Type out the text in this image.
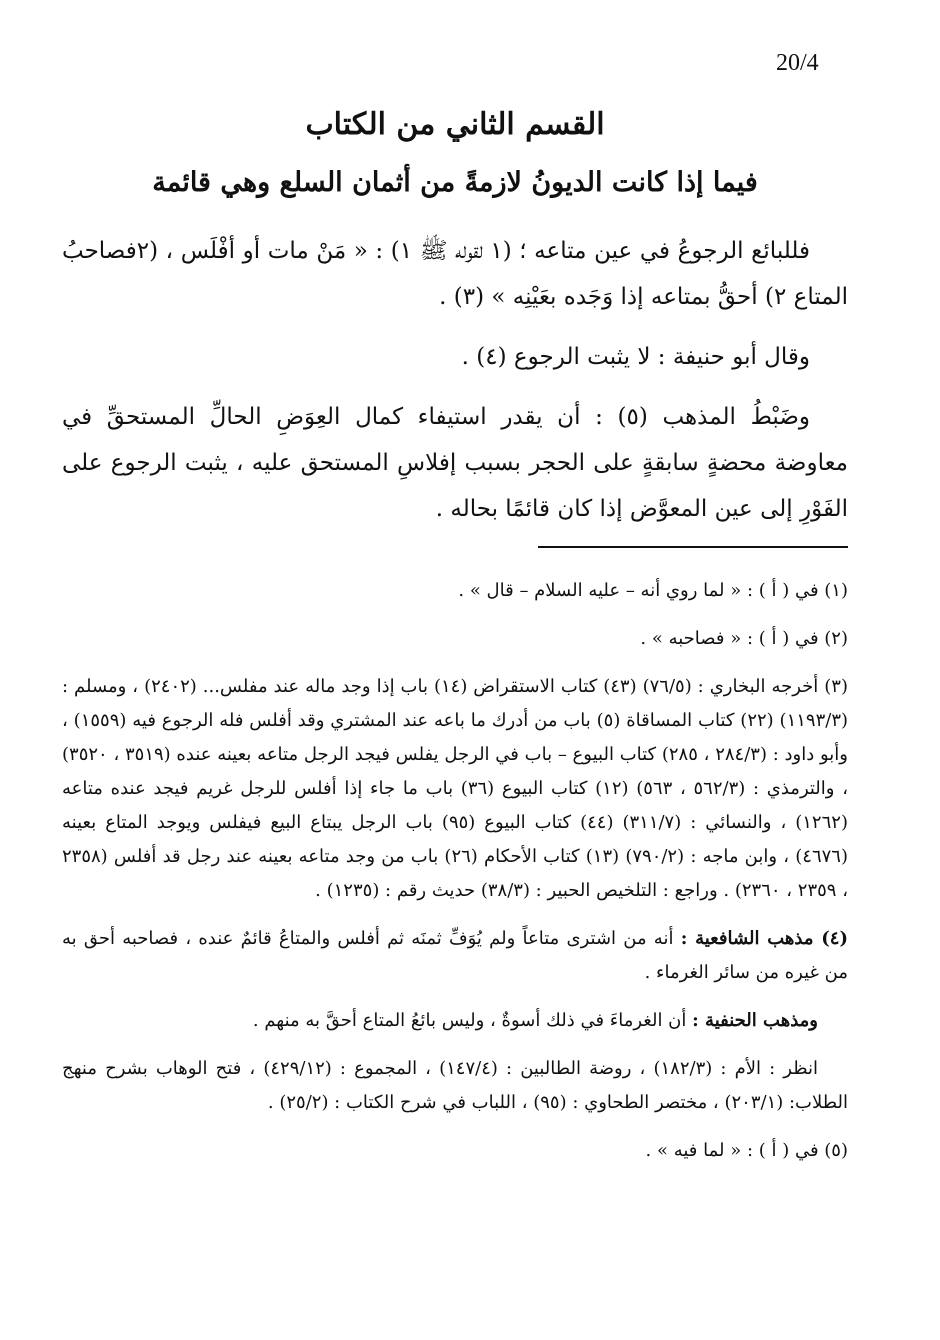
20/4
القسم الثاني من الكتاب
فيما إذا كانت الديونُ لازمةً من أثمان السلع وهي قائمة

فللبائع الرجوعُ في عين متاعه ؛ (١ لقوله ﷺ ١) : « مَنْ مات أو أفْلَس ، (٢فصاحبُ المتاع ٢) أحقُّ بمتاعه إذا وَجَده بعَيْنِه » (٣) .

وقال أبو حنيفة : لا يثبت الرجوع (٤) .

وضَبْطُ المذهب (٥) : أن يقدر استيفاء كمال العِوَضِ الحالِّ المستحقِّ في معاوضة محضةٍ سابقةٍ على الحجر بسبب إفلاسِ المستحق عليه ، يثبت الرجوع على الفَوْرِ إلى عين المعوَّض إذا كان قائمًا بحاله .

(١) في ( أ ) : « لما روي أنه – عليه السلام – قال » .

(٢) في ( أ ) : « فصاحبه » .

(٣) أخرجه البخاري : (٧٦/٥) (٤٣) كتاب الاستقراض (١٤) باب إذا وجد ماله عند مفلس... (٢٤٠٢) ، ومسلم : (١١٩٣/٣) (٢٢) كتاب المساقاة (٥) باب من أدرك ما باعه عند المشتري وقد أفلس فله الرجوع فيه (١٥٥٩) ، وأبو داود : (٢٨٤/٣ ، ٢٨٥) كتاب البيوع – باب في الرجل يفلس فيجد الرجل متاعه بعينه عنده (٣٥١٩ ، ٣٥٢٠) ، والترمذي : (٥٦٢/٣ ، ٥٦٣) (١٢) كتاب البيوع (٣٦) باب ما جاء إذا أفلس للرجل غريم فيجد عنده متاعه (١٢٦٢) ، والنسائي : (٣١١/٧) (٤٤) كتاب البيوع (٩٥) باب الرجل يبتاع البيع فيفلس ويوجد المتاع بعينه (٤٦٧٦) ، وابن ماجه : (٧٩٠/٢) (١٣) كتاب الأحكام (٢٦) باب من وجد متاعه بعينه عند رجل قد أفلس (٢٣٥٨ ، ٢٣٥٩ ، ٢٣٦٠) . وراجع : التلخيص الحبير : (٣٨/٣) حديث رقم : (١٢٣٥) .

(٤) مذهب الشافعية : أنه من اشترى متاعاً ولم يُوَفِّ ثمنَه ثم أفلس والمتاعُ قائمٌ عنده ، فصاحبه أحق به من غيره من سائر الغرماء .

ومذهب الحنفية : أن الغرماءَ في ذلك أسوةٌ ، وليس بائعُ المتاع أحقَّ به منهم .

انظر : الأم : (١٨٢/٣) ، روضة الطالبين : (١٤٧/٤) ، المجموع : (٤٢٩/١٢) ، فتح الوهاب بشرح منهج الطلاب: (٢٠٣/١) ، مختصر الطحاوي : (٩٥) ، اللباب في شرح الكتاب : (٢٥/٢) .

(٥) في ( أ ) : « لما فيه » .
